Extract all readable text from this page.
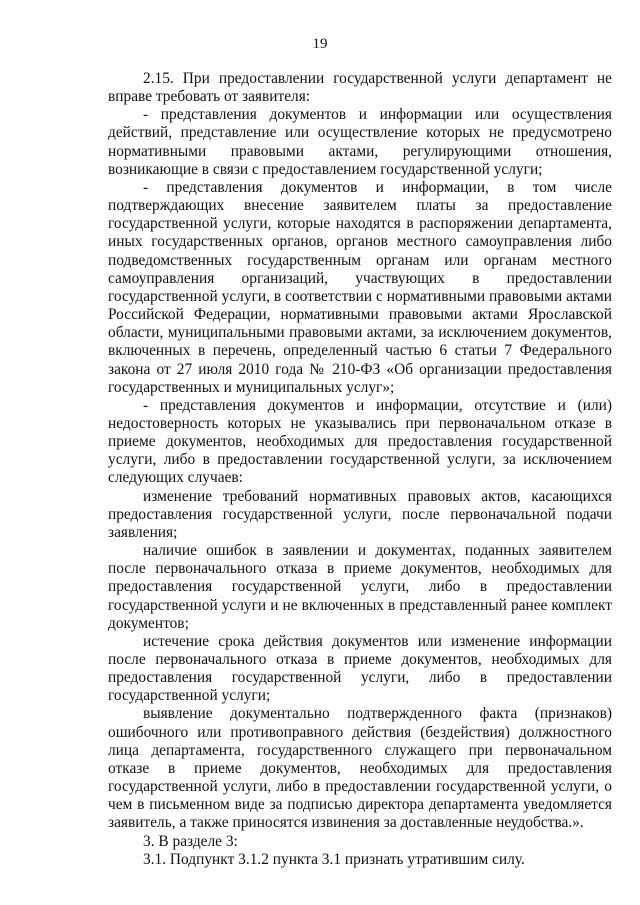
19

2.15. При предоставлении государственной услуги департамент не вправе требовать от заявителя:

- представления документов и информации или осуществления действий, представление или осуществление которых не предусмотрено нормативными правовыми актами, регулирующими отношения, возникающие в связи с предоставлением государственной услуги;

- представления документов и информации, в том числе подтверждающих внесение заявителем платы за предоставление государственной услуги, которые находятся в распоряжении департамента, иных государственных органов, органов местного самоуправления либо подведомственных государственным органам или органам местного самоуправления организаций, участвующих в предоставлении государственной услуги, в соответствии с нормативными правовыми актами Российской Федерации, нормативными правовыми актами Ярославской области, муниципальными правовыми актами, за исключением документов, включенных в перечень, определенный частью 6 статьи 7 Федерального закона от 27 июля 2010 года № 210-ФЗ «Об организации предоставления государственных и муниципальных услуг»;

- представления документов и информации, отсутствие и (или) недостоверность которых не указывались при первоначальном отказе в приеме документов, необходимых для предоставления государственной услуги, либо в предоставлении государственной услуги, за исключением следующих случаев:

изменение требований нормативных правовых актов, касающихся предоставления государственной услуги, после первоначальной подачи заявления;

наличие ошибок в заявлении и документах, поданных заявителем после первоначального отказа в приеме документов, необходимых для предоставления государственной услуги, либо в предоставлении государственной услуги и не включенных в представленный ранее комплект документов;

истечение срока действия документов или изменение информации после первоначального отказа в приеме документов, необходимых для предоставления государственной услуги, либо в предоставлении государственной услуги;

выявление документально подтвержденного факта (признаков) ошибочного или противоправного действия (бездействия) должностного лица департамента, государственного служащего при первоначальном отказе в приеме документов, необходимых для предоставления государственной услуги, либо в предоставлении государственной услуги, о чем в письменном виде за подписью директора департамента уведомляется заявитель, а также приносятся извинения за доставленные неудобства.».

3. В разделе 3:

3.1. Подпункт 3.1.2 пункта 3.1 признать утратившим силу.
